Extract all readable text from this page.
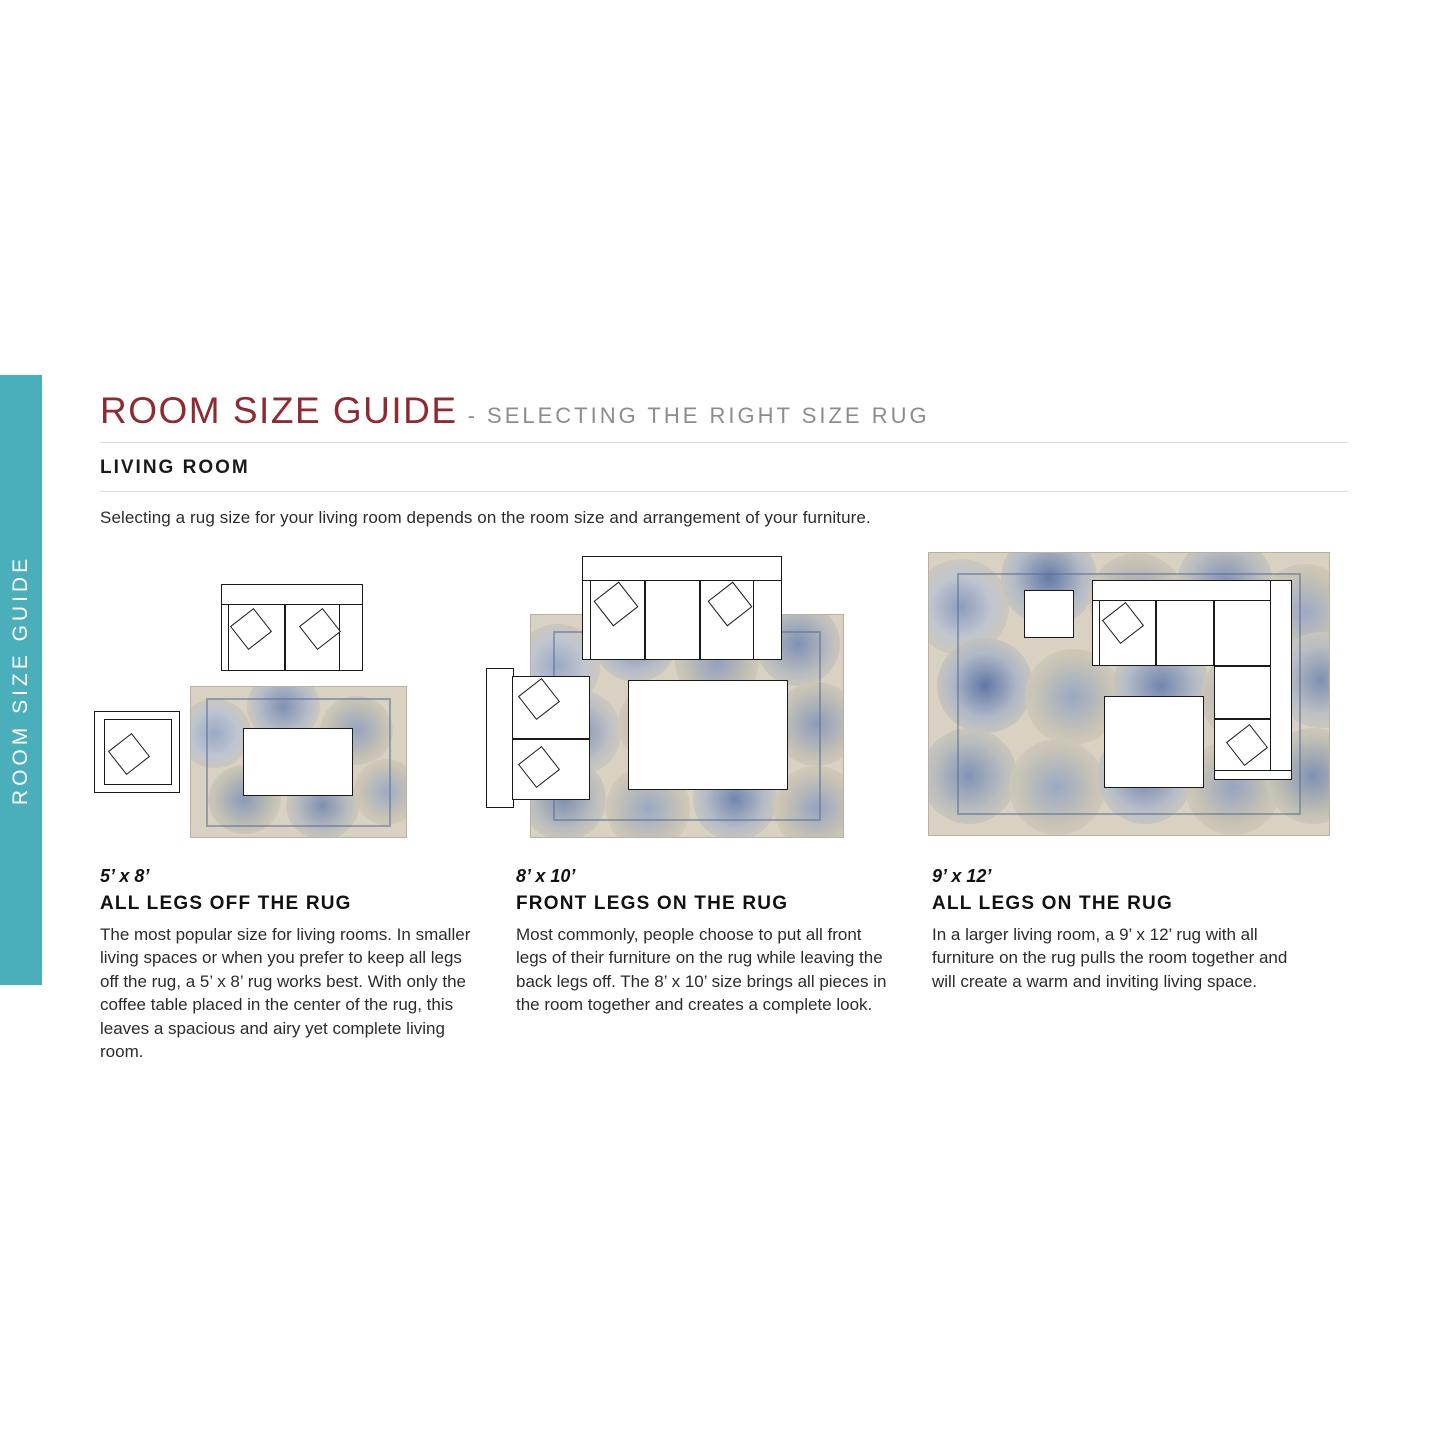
ROOM SIZE GUIDE
ROOM SIZE GUIDE - SELECTING THE RIGHT SIZE RUG
LIVING ROOM
Selecting a rug size for your living room depends on the room size and arrangement of your furniture.
5’ x 8’
ALL LEGS OFF THE RUG
The most popular size for living rooms. In smaller living spaces or when you prefer to keep all legs off the rug, a 5’ x 8’ rug works best. With only the coffee table placed in the center of the rug, this leaves a spacious and airy yet complete living room.
8’ x 10’
FRONT LEGS ON THE RUG
Most commonly, people choose to put all front legs of their furniture on the rug while leaving the back legs off. The 8’ x 10’ size brings all pieces in the room together and creates a complete look.
9’ x 12’
ALL LEGS ON THE RUG
In a larger living room, a 9’ x 12’ rug with all furniture on the rug pulls the room together and will create a warm and inviting living space.
